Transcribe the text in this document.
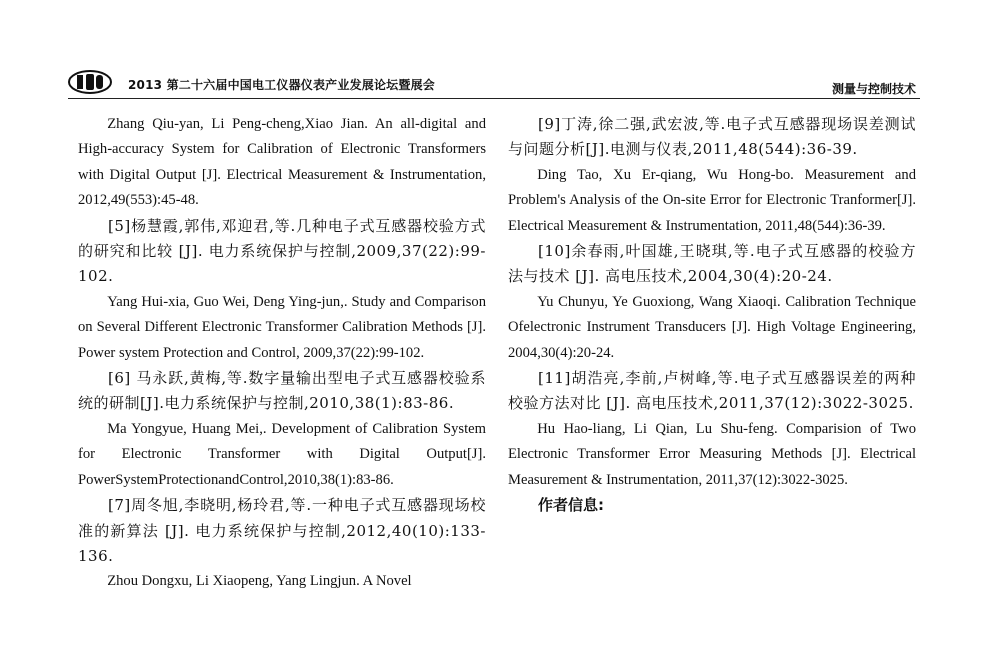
2013 第二十六届中国电工仪器仪表产业发展论坛暨展会	测量与控制技术

Zhang Qiu-yan, Li Peng-cheng,Xiao Jian. An all-digital and High-accuracy System for Calibration of Electronic Transformers with Digital Output [J]. Electrical Measurement & Instrumentation, 2012,49(553):45-48.

[5]杨慧霞,郭伟,邓迎君,等.几种电子式互感器校验方式的研究和比较 [J]. 电力系统保护与控制,2009,37(22):99-102.

Yang Hui-xia, Guo Wei, Deng Ying-jun,. Study and Comparison on Several Different Electronic Transformer Calibration Methods [J]. Power system Protection and Control, 2009,37(22):99-102.

[6] 马永跃,黄梅,等.数字量输出型电子式互感器校验系统的研制[J].电力系统保护与控制,2010,38(1):83-86.

Ma Yongyue, Huang Mei,. Development of Calibration System for Electronic Transformer with Digital Output[J]. PowerSystemProtectionandControl,2010,38(1):83-86.

[7]周冬旭,李晓明,杨玲君,等.一种电子式互感器现场校准的新算法 [J]. 电力系统保护与控制,2012,40(10):133-136.

Zhou Dongxu, Li Xiaopeng, Yang Lingjun. A Novel

[9]丁涛,徐二强,武宏波,等.电子式互感器现场误差测试与问题分析[J].电测与仪表,2011,48(544):36-39.

Ding Tao, Xu Er-qiang, Wu Hong-bo. Measurement and Problem's Analysis of the On-site Error for Electronic Tranformer[J]. Electrical Measurement & Instrumentation, 2011,48(544):36-39.

[10]余春雨,叶国雄,王晓琪,等.电子式互感器的校验方法与技术 [J]. 高电压技术,2004,30(4):20-24.

Yu Chunyu, Ye Guoxiong, Wang Xiaoqi. Calibration Technique Ofelectronic Instrument Transducers [J]. High Voltage Engineering, 2004,30(4):20-24.

[11]胡浩亮,李前,卢树峰,等.电子式互感器误差的两种校验方法对比 [J]. 高电压技术,2011,37(12):3022-3025.

Hu Hao-liang, Li Qian, Lu Shu-feng. Comparision of Two Electronic Transformer Error Measuring Methods [J]. Electrical Measurement & Instrumentation, 2011,37(12):3022-3025.

作者信息:
